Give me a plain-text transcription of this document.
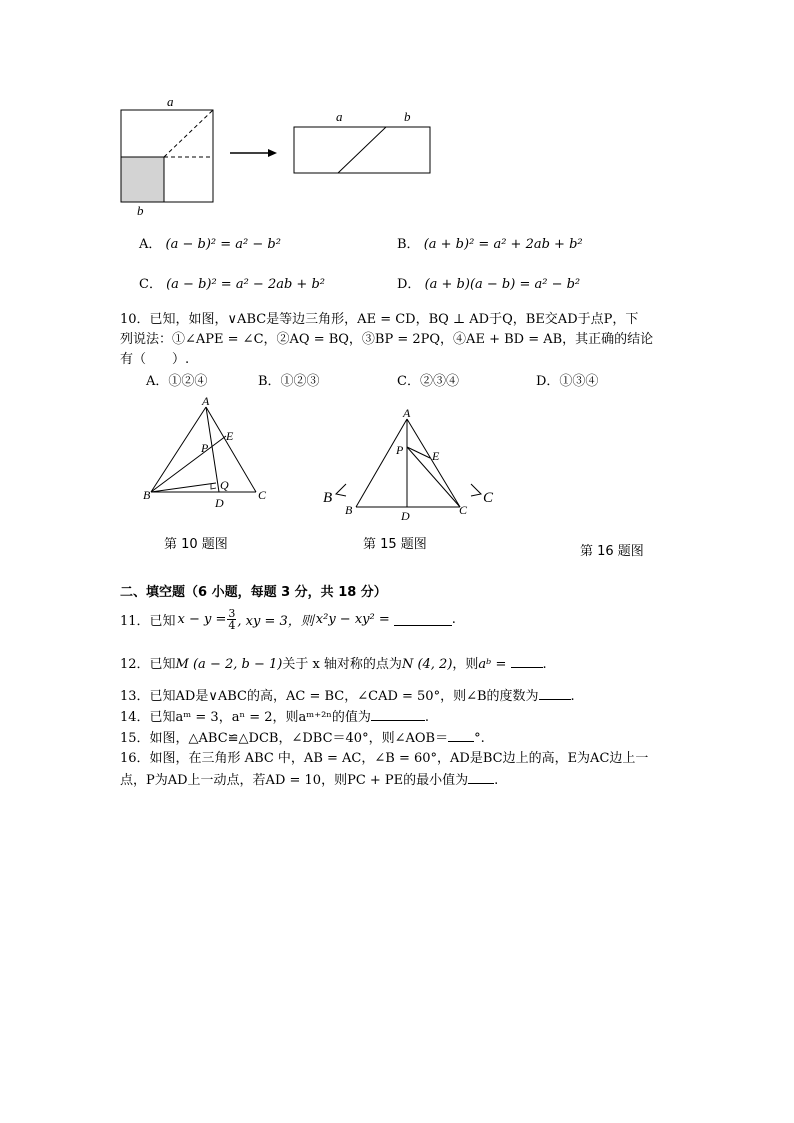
a
b
a	b
A． (a − b)² = a² − b²	B． (a + b)² = a² + 2ab + b²
C． (a − b)² = a² − 2ab + b²	D． (a + b)(a − b) = a² − b²
10．已知，如图，∨ABC是等边三角形，AE = CD，BQ ⊥ AD于Q，BE交AD于点P，下
列说法：①∠APE = ∠C，②AQ = BQ，③BP = 2PQ，④AE + BD = AB，其正确的结论
有（　　）.
A．①②④	B．①②③	C．②③④	D．①③④
A
E
P
Q
B
D
C
A
P E
B
B	D	C
C
第 10 题图	第 15 题图	第 16 题图
二、填空题（6 小题，每题 3 分，共 18 分）
11．已知 $x - y = \frac{3}{4}$ , xy = 3，则 x²y − xy² =	.
12．已知M (a − 2, b − 1)关于 x 轴对称的点为N (4, 2)，则aᵇ =	.
13．已知AD是∨ABC的高，AC = BC，∠CAD = 50°，则∠B的度数为 .
14．已知aᵐ = 3，aⁿ = 2，则aᵐ⁺²ⁿ的值为	.
15．如图，△ABC≌△DCB，∠DBC＝40°，则∠AOB＝ °.
16．如图，在三角形 ABC 中，AB = AC，∠B = 60°，AD是BC边上的高，E为AC边上一
点，P为AD上一动点，若AD = 10，则PC + PE的最小值为 .
